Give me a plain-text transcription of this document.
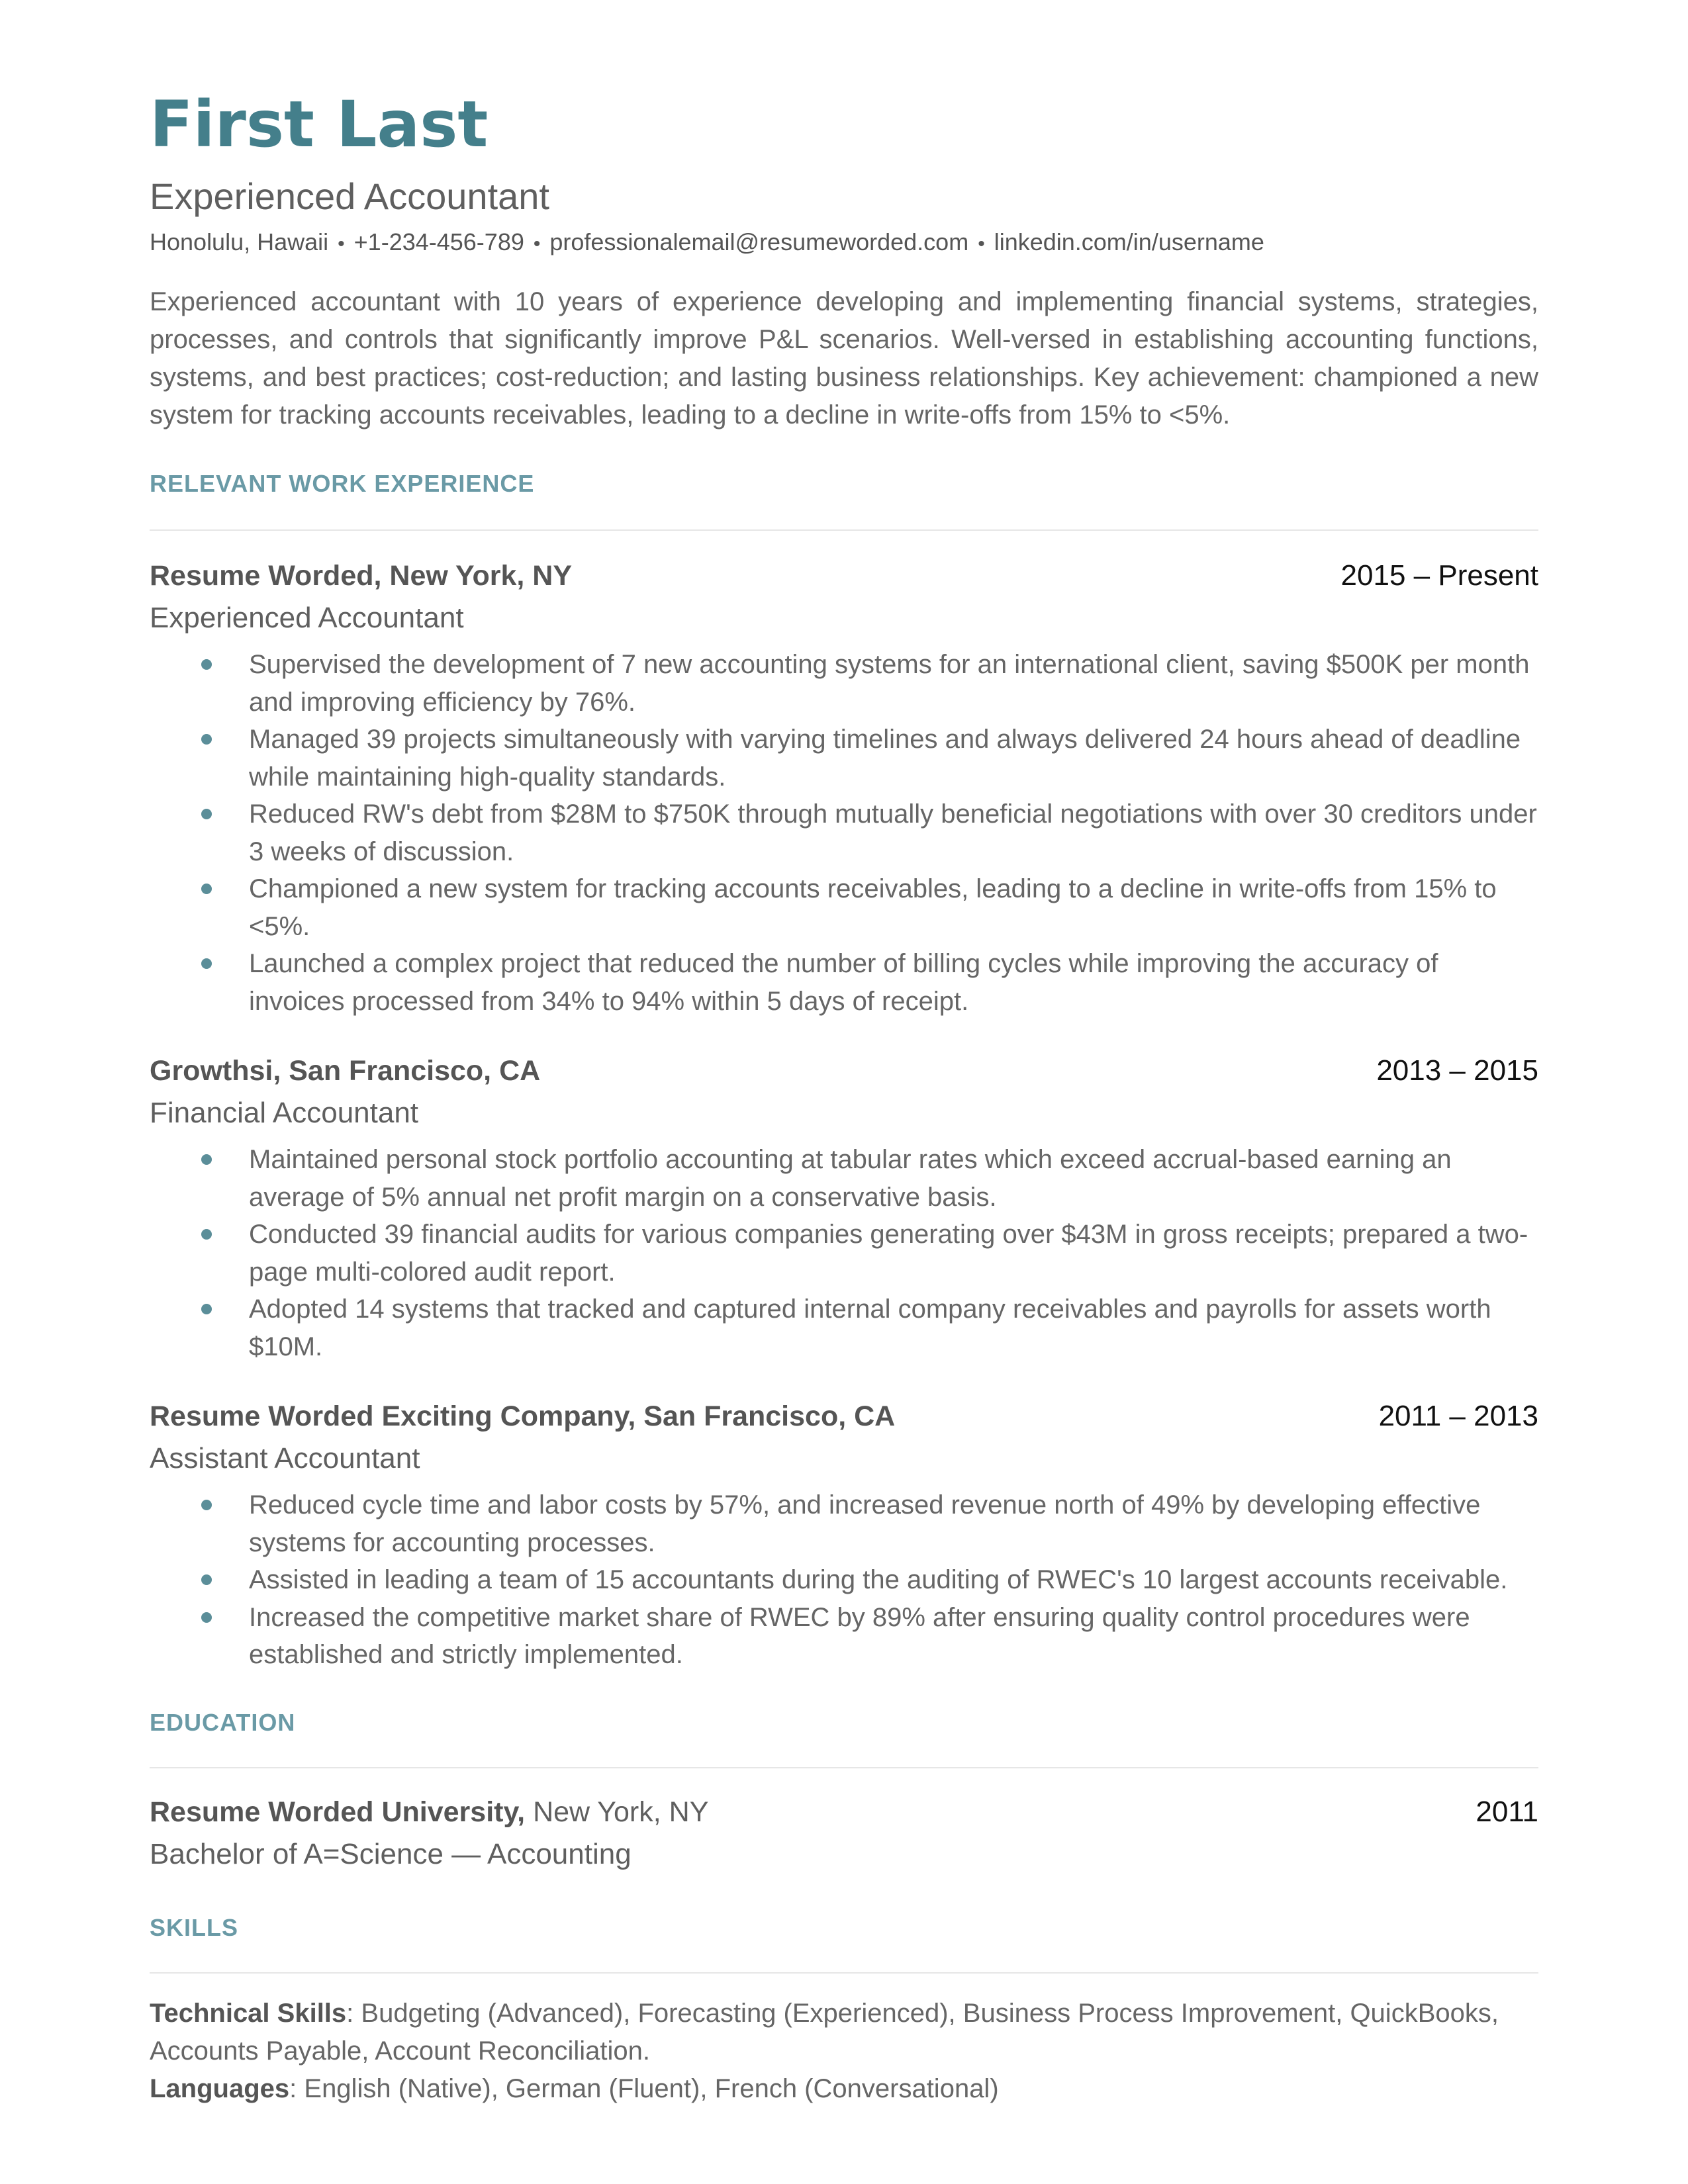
First Last
Experienced Accountant
Honolulu, Hawaii • +1-234-456-789 • professionalemail@resumeworded.com • linkedin.com/in/username
Experienced accountant with 10 years of experience developing and implementing financial systems, strategies, processes, and controls that significantly improve P&L scenarios. Well-versed in establishing accounting functions, systems, and best practices; cost-reduction; and lasting business relationships. Key achievement: championed a new system for tracking accounts receivables, leading to a decline in write-offs from 15% to <5%.
RELEVANT WORK EXPERIENCE
Resume Worded, New York, NY	2015 – Present
Experienced Accountant
Supervised the development of 7 new accounting systems for an international client, saving $500K per month and improving efficiency by 76%.
Managed 39 projects simultaneously with varying timelines and always delivered 24 hours ahead of deadline while maintaining high-quality standards.
Reduced RW's debt from $28M to $750K through mutually beneficial negotiations with over 30 creditors under 3 weeks of discussion.
Championed a new system for tracking accounts receivables, leading to a decline in write-offs from 15% to <5%.
Launched a complex project that reduced the number of billing cycles while improving the accuracy of invoices processed from 34% to 94% within 5 days of receipt.
Growthsi, San Francisco, CA	2013 – 2015
Financial Accountant
Maintained personal stock portfolio accounting at tabular rates which exceed accrual-based earning an average of 5% annual net profit margin on a conservative basis.
Conducted 39 financial audits for various companies generating over $43M in gross receipts; prepared a two-page multi-colored audit report.
Adopted 14 systems that tracked and captured internal company receivables and payrolls for assets worth $10M.
Resume Worded Exciting Company, San Francisco, CA	2011 – 2013
Assistant Accountant
Reduced cycle time and labor costs by 57%, and increased revenue north of 49% by developing effective systems for accounting processes.
Assisted in leading a team of 15 accountants during the auditing of RWEC's 10 largest accounts receivable.
Increased the competitive market share of RWEC by 89% after ensuring quality control procedures were established and strictly implemented.
EDUCATION
Resume Worded University, New York, NY	2011
Bachelor of A=Science — Accounting
SKILLS
Technical Skills: Budgeting (Advanced), Forecasting (Experienced), Business Process Improvement, QuickBooks, Accounts Payable, Account Reconciliation.
Languages: English (Native), German (Fluent), French (Conversational)
